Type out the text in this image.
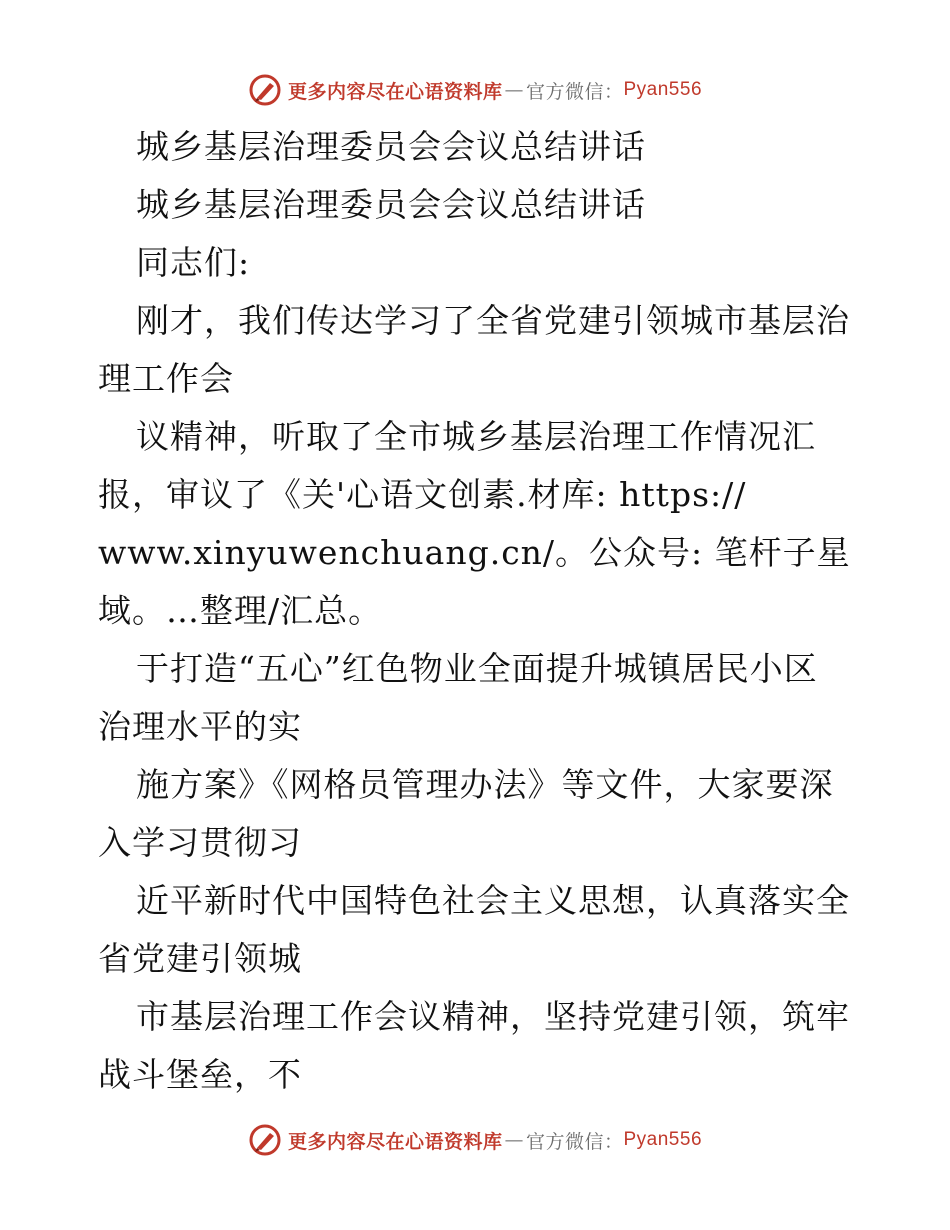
更多内容尽在心语资料库 — 官方微信： Pyan556
城乡基层治理委员会会议总结讲话
城乡基层治理委员会会议总结讲话
同志们:
刚才，我们传达学习了全省党建引领城市基层治
理工作会
议精神，听取了全市城乡基层治理工作情况汇
报，审议了《关'心语文创素.材库: https://
www.xinyuwenchuang.cn/。公众号: 笔杆子星
域。…整理/汇总。
于打造“五心”红色物业全面提升城镇居民小区
治理水平的实
施方案》《网格员管理办法》等文件，大家要深
入学习贯彻习
近平新时代中国特色社会主义思想，认真落实全
省党建引领城
市基层治理工作会议精神，坚持党建引领，筑牢
战斗堡垒，不
更多内容尽在心语资料库 — 官方微信： Pyan556
